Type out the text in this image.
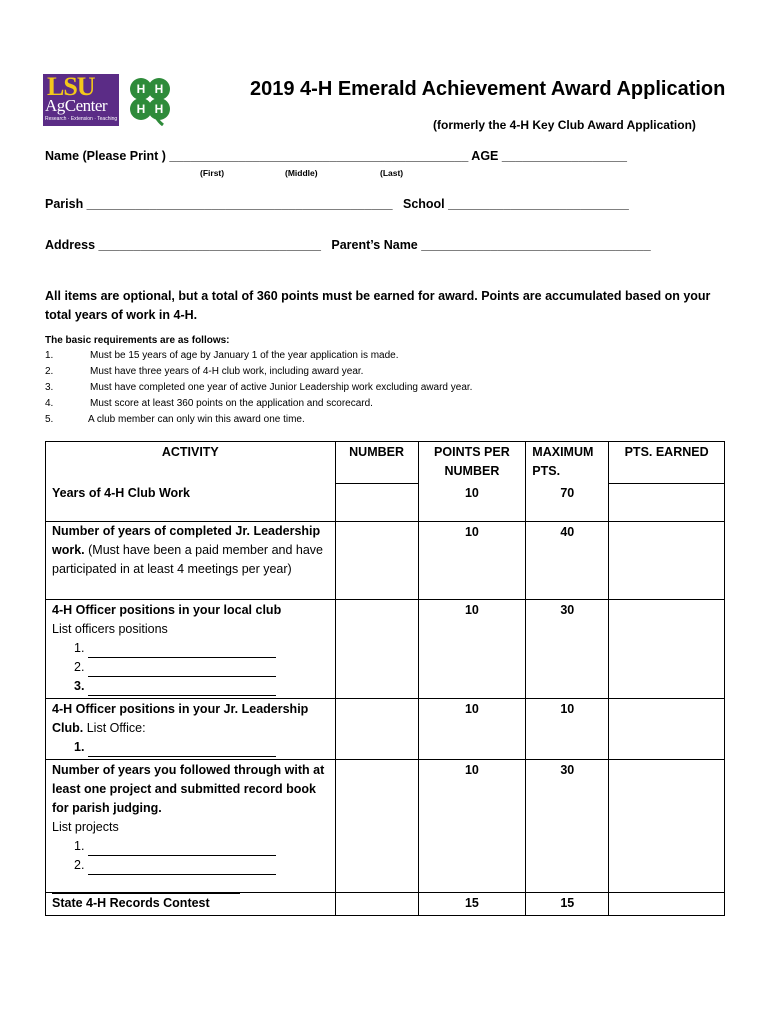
LSU
AgCenter
Research · Extension · Teaching
H H
H H
2019 4-H Emerald Achievement Award Application
(formerly the 4-H Key Club Award Application)
Name (Please Print ) ___________________________________________ AGE __________________
(First)	(Middle)	(Last)
Parish ____________________________________________   School __________________________
Address ________________________________   Parent’s Name _________________________________
All items are optional, but a total of 360 points must be earned for award. Points are accumulated based on your total years of work in 4-H.
The basic requirements are as follows:
1.	Must be 15 years of age by January 1 of the year application is made.
2.	Must have three years of 4-H club work, including award year.
3.	Must have completed one year of active Junior Leadership work excluding award year.
4.	Must score at least 360 points on the application and scorecard.
5.	A club member can only win this award one time.
ACTIVITY	NUMBER	POINTS PER NUMBER	MAXIMUM PTS.	PTS. EARNED
Years of 4-H Club Work		10	70	
Number of years of completed Jr. Leadership work. (Must have been a paid member and have participated in at least 4 meetings per year)		10	40	

4-H Officer positions in your local club
List officers positions
1.
2.
3.		10	30	
4-H Officer positions in your Jr. Leadership Club. List Office:
1.		10	10	

Number of years you followed through with at least one project and submitted record book for parish judging.
List projects
1.
2.		10	30	
State 4-H Records Contest		15	15	
